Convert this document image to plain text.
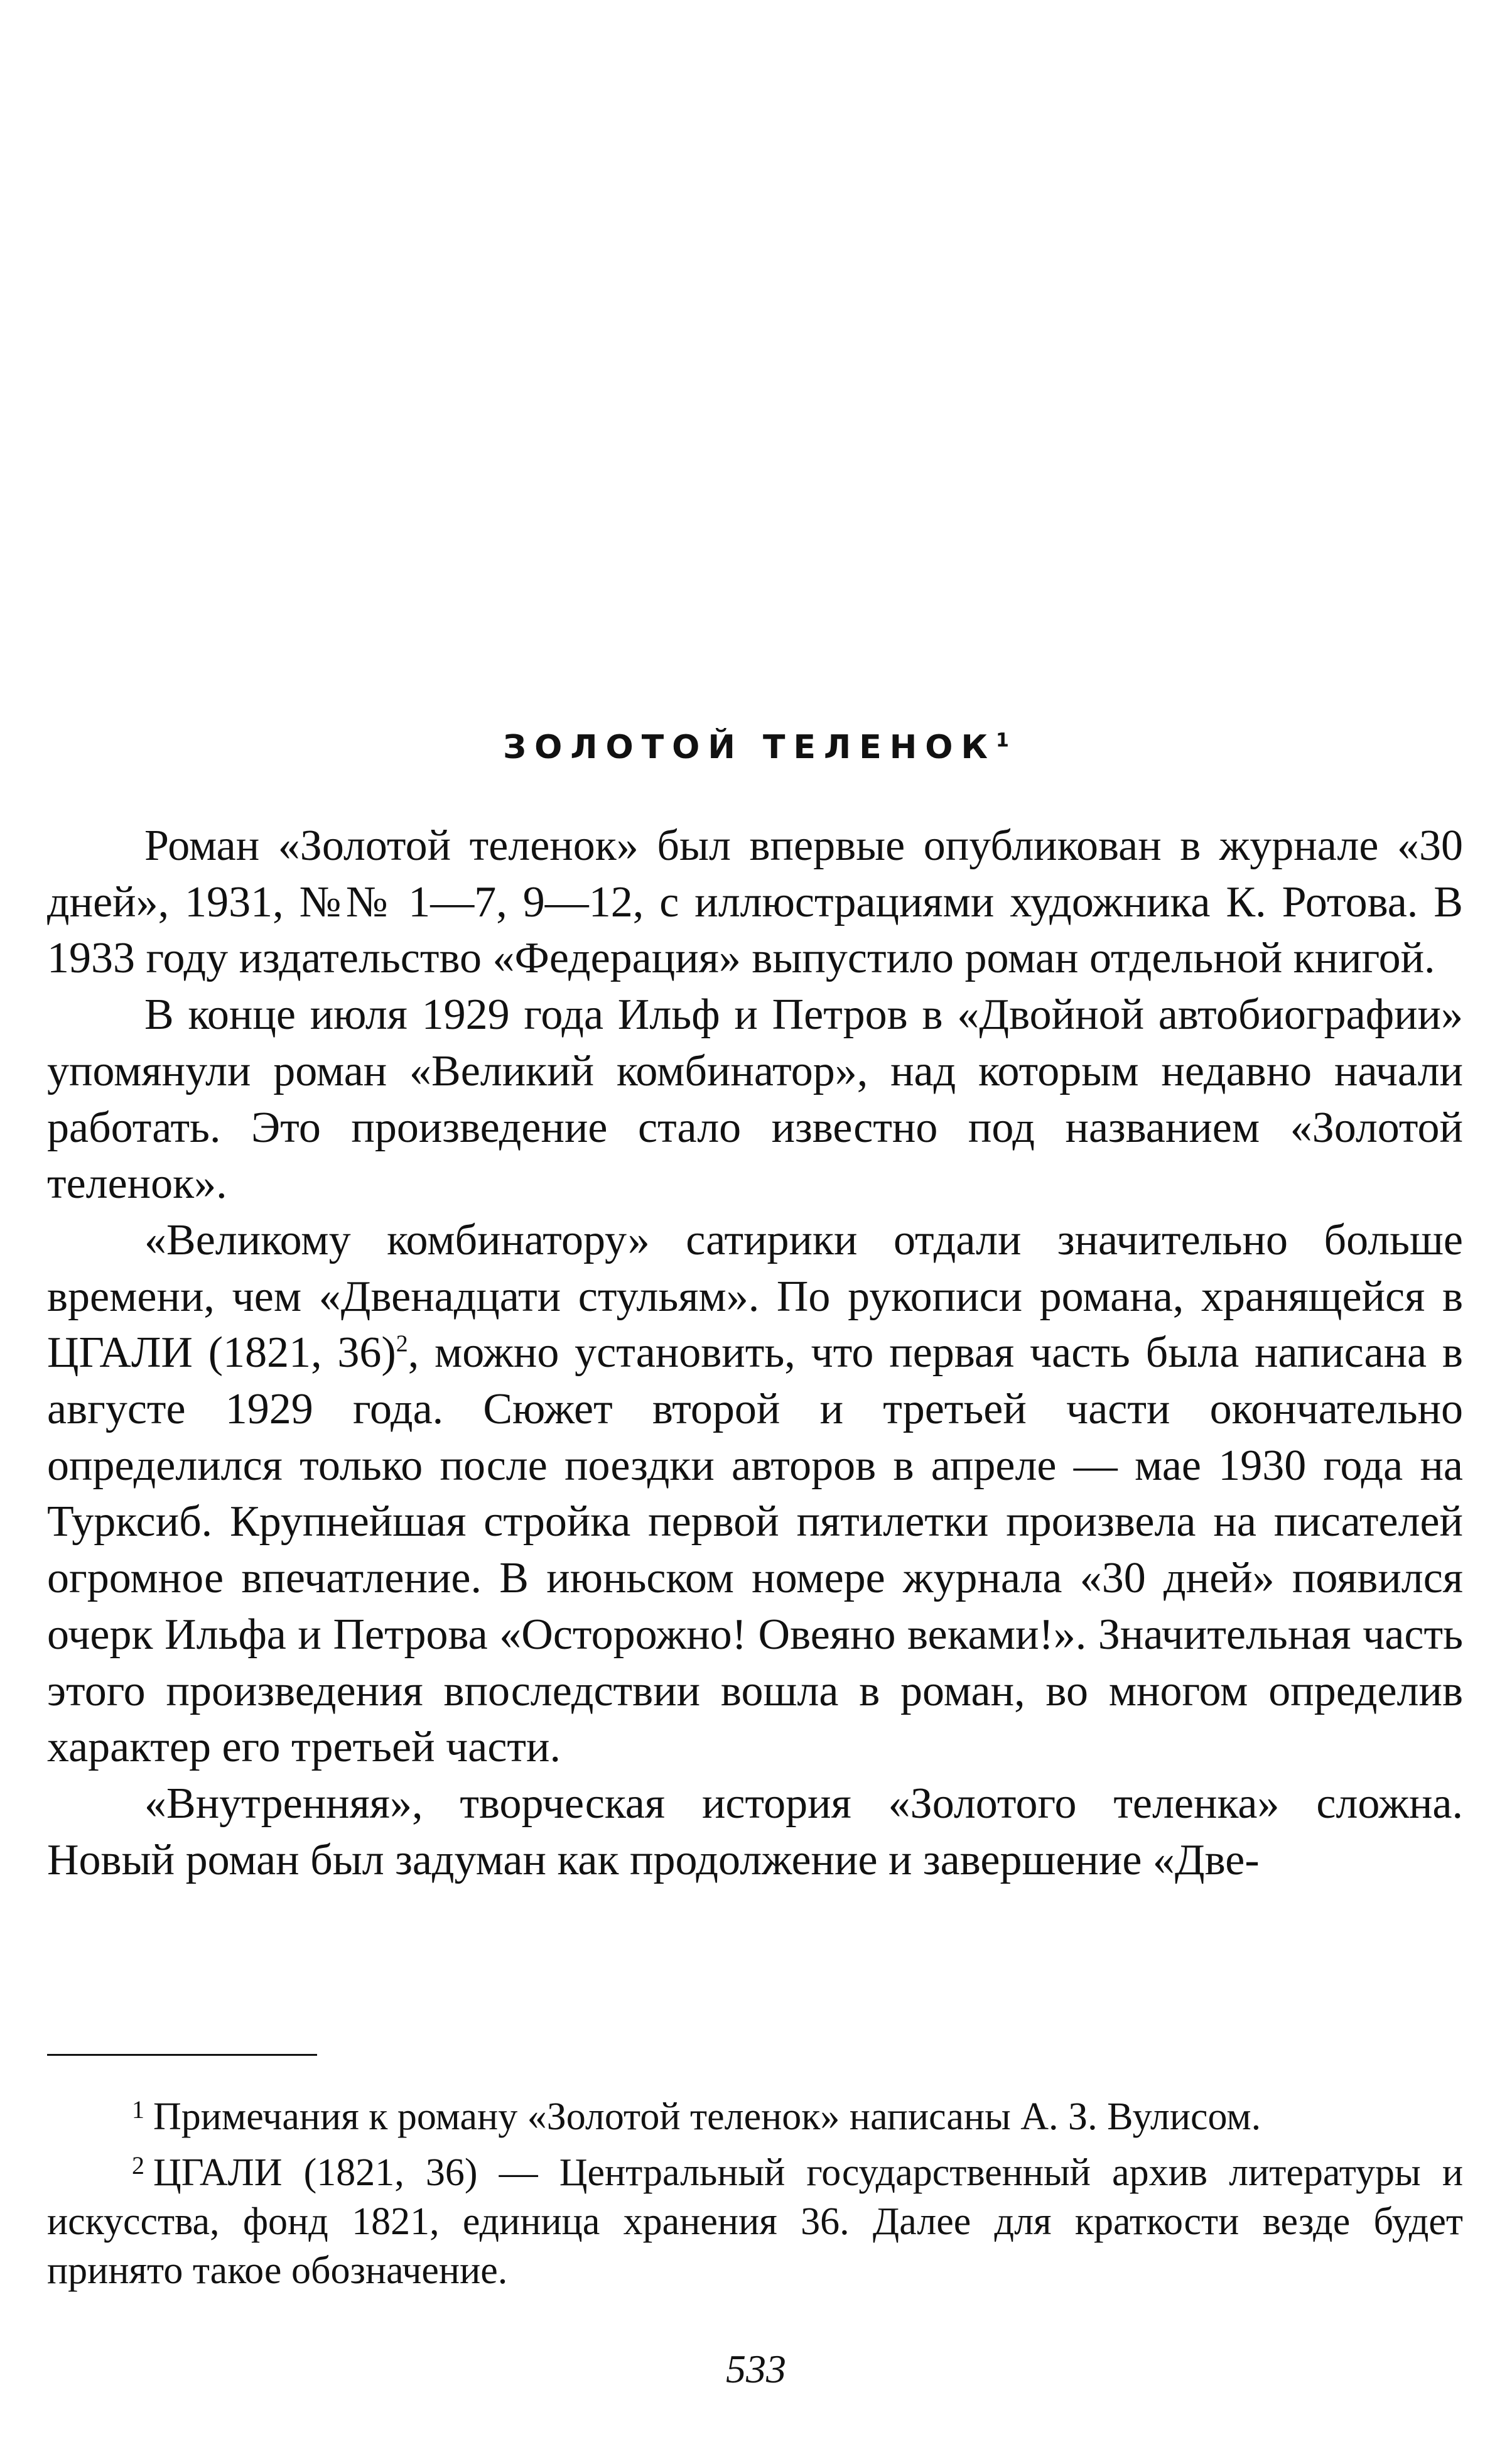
ЗОЛОТОЙ ТЕЛЕНОК$^1$

Роман «Золотой теленок» был впервые опубликован в журнале «30 дней», 1931, №№ 1—7, 9—12, с иллюстрациями художника К. Ротова. В 1933 году издательство «Федерация» выпустило роман отдельной книгой.

В конце июля 1929 года Ильф и Петров в «Двойной автобиографии» упомянули роман «Великий комбинатор», над которым недавно начали работать. Это произведение стало известно под названием «Золотой теленок».

«Великому комбинатору» сатирики отдали значительно больше времени, чем «Двенадцати стульям». По рукописи романа, хранящейся в ЦГАЛИ (1821, 36)$^2$, можно установить, что первая часть была написана в августе 1929 года. Сюжет второй и третьей части окончательно определился только после поездки авторов в апреле — мае 1930 года на Турксиб. Крупнейшая стройка первой пятилетки произвела на писателей огромное впечатление. В июньском номере журнала «30 дней» появился очерк Ильфа и Петрова «Осторожно! Овеяно веками!». Значительная часть этого произведения впоследствии вошла в роман, во многом определив характер его третьей части.

«Внутренняя», творческая история «Золотого теленка» сложна. Новый роман был задуман как продолжение и завершение «Две-

$^1$ Примечания к роману «Золотой теленок» написаны А. З. Вулисом.

$^2$ ЦГАЛИ (1821, 36) — Центральный государственный архив литературы и искусства, фонд 1821, единица хранения 36. Далее для краткости везде будет принято такое обозначение.

533
